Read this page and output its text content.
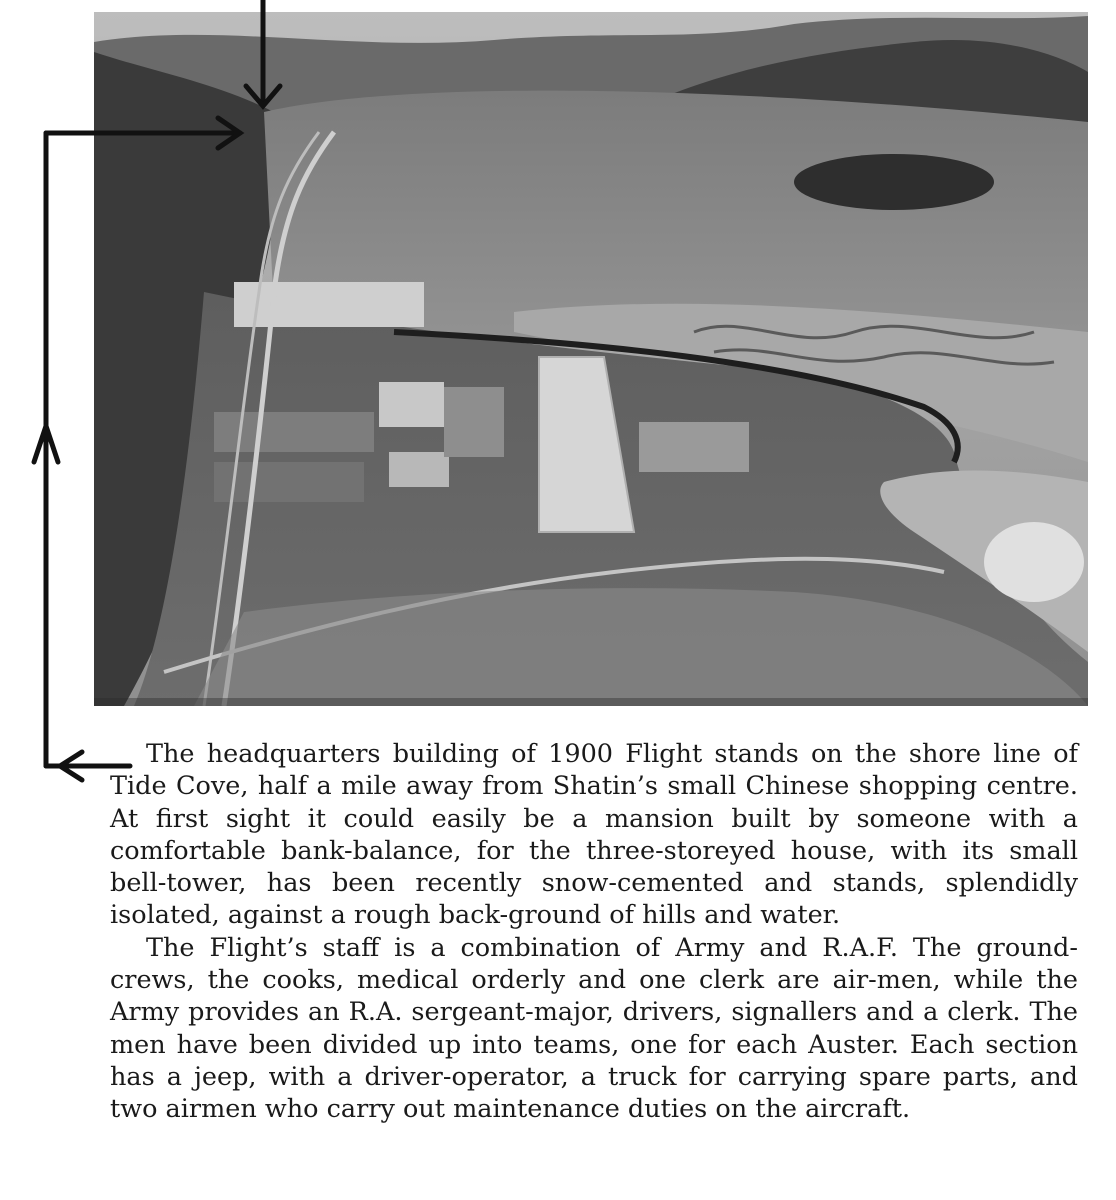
The headquarters building of 1900 Flight stands on the shore line of Tide Cove, half a mile away from Shatin’s small Chinese shopping centre. At first sight it could easily be a mansion built by someone with a comfortable bank-balance, for the three-storeyed house, with its small bell-tower, has been recently snow-cemented and stands, splendidly isolated, against a rough back-ground of hills and water.

The Flight’s staff is a combination of Army and R.A.F. The ground-crews, the cooks, medical orderly and one clerk are air-men, while the Army provides an R.A. sergeant-major, drivers, signallers and a clerk. The men have been divided up into teams, one for each Auster. Each section has a jeep, with a driver-operator, a truck for carrying spare parts, and two airmen who carry out maintenance duties on the aircraft.
